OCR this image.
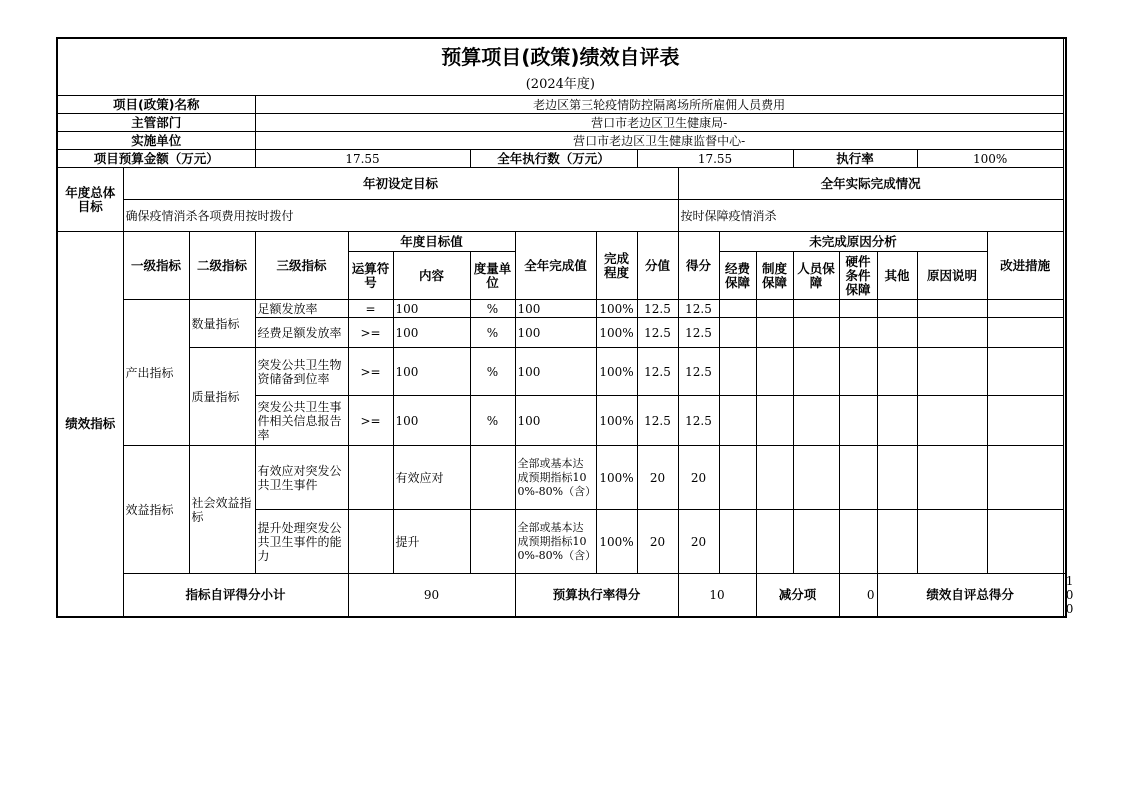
预算项目(政策)绩效自评表																		
(2024年度)																		
项目(政策)名称			老边区第三轮疫情防控隔离场所所雇佣人员费用															
主管部门			营口市老边区卫生健康局-															
实施单位			营口市老边区卫生健康监督中心-															
项目预算金额（万元）			17.55			全年执行数（万元）			17.55				执行率			100%		
年度总体目标	年初设定目标									全年实际完成情况								
	确保疫情消杀各项费用按时拨付									按时保障疫情消杀								
绩效指标	一级指标	二级指标	三级指标	年度目标值			全年完成值	完成程度	分值	得分	未完成原因分析						改进措施	
				运算符号	内容	度量单位					经费保障	制度保障	人员保障	硬件条件保障	其他	原因说明		
	产出指标	数量指标	足额发放率	=	100	%	100	100%	12.5	12.5								
			经费足额发放率	>=	100	%	100	100%	12.5	12.5								
		质量指标	突发公共卫生物资储备到位率	>=	100	%	100	100%	12.5	12.5								
			突发公共卫生事件相关信息报告率	>=	100	%	100	100%	12.5	12.5								
	效益指标	社会效益指标	有效应对突发公共卫生事件		有效应对		全部或基本达成预期指标100%-80%（含）	100%	20	20								
			提升处理突发公共卫生事件的能力		提升		全部或基本达成预期指标100%-80%（含）	100%	20	20								
	指标自评得分小计			90			预算执行率得分			10		减分项		0	绩效自评总得分			100
